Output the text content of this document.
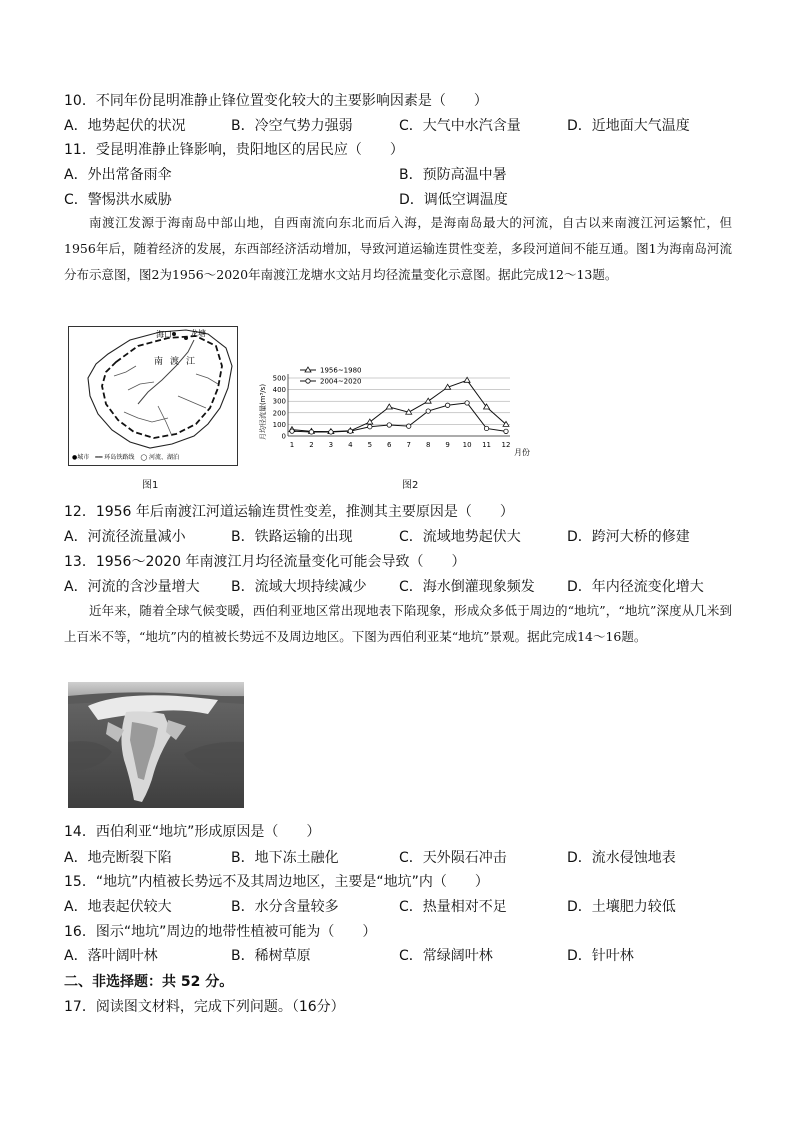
10．不同年份昆明准静止锋位置变化较大的主要影响因素是（　　）
A．地势起伏的状况	B．冷空气势力强弱	C．大气中水汽含量	D．近地面大气温度
11．受昆明准静止锋影响，贵阳地区的居民应（　　）
A．外出常备雨伞	B．预防高温中暑
C．警惕洪水威胁	D．调低空调温度
南渡江发源于海南岛中部山地，自西南流向东北而后入海，是海南岛最大的河流，自古以来南渡江河运繁忙，但1956年后，随着经济的发展，东西部经济活动增加，导致河道运输连贯性变差，多段河道间不能互通。图1为海南岛河流分布示意图，图2为1956～2020年南渡江龙塘水文站月均径流量变化示意图。据此完成12～13题。
海口 龙塘
南 渡 江
●城市　━━ 环岛铁路线　◯ 河流、湖泊
图1
月均径流量(m³/s) 0
100
200
300
400
500
1 2 3 4 5 6 7 8 9 10 11 12
1956~1980
2004~2020
月份
图2
12．1956 年后南渡江河道运输连贯性变差，推测其主要原因是（　　）
A．河流径流量减小	B．铁路运输的出现	C．流域地势起伏大	D．跨河大桥的修建
13．1956～2020 年南渡江月均径流量变化可能会导致（　　）
A．河流的含沙量增大 B．流域大坝持续减少 C．海水倒灌现象频发 D．年内径流变化增大
近年来，随着全球气候变暖，西伯利亚地区常出现地表下陷现象，形成众多低于周边的“地坑”，“地坑”深度从几米到上百米不等，“地坑”内的植被长势远不及周边地区。下图为西伯利亚某“地坑”景观。据此完成14～16题。
14．西伯利亚“地坑”形成原因是（　　）
A．地壳断裂下陷	B．地下冻土融化	C．天外陨石冲击	D．流水侵蚀地表
15．“地坑”内植被长势远不及其周边地区，主要是“地坑”内（　　）
A．地表起伏较大	B．水分含量较多	C．热量相对不足	D．土壤肥力较低
16．图示“地坑”周边的地带性植被可能为（　　）
A．落叶阔叶林	B．稀树草原	C．常绿阔叶林	D．针叶林
二、非选择题：共 52 分。
17．阅读图文材料，完成下列问题。（16分）
